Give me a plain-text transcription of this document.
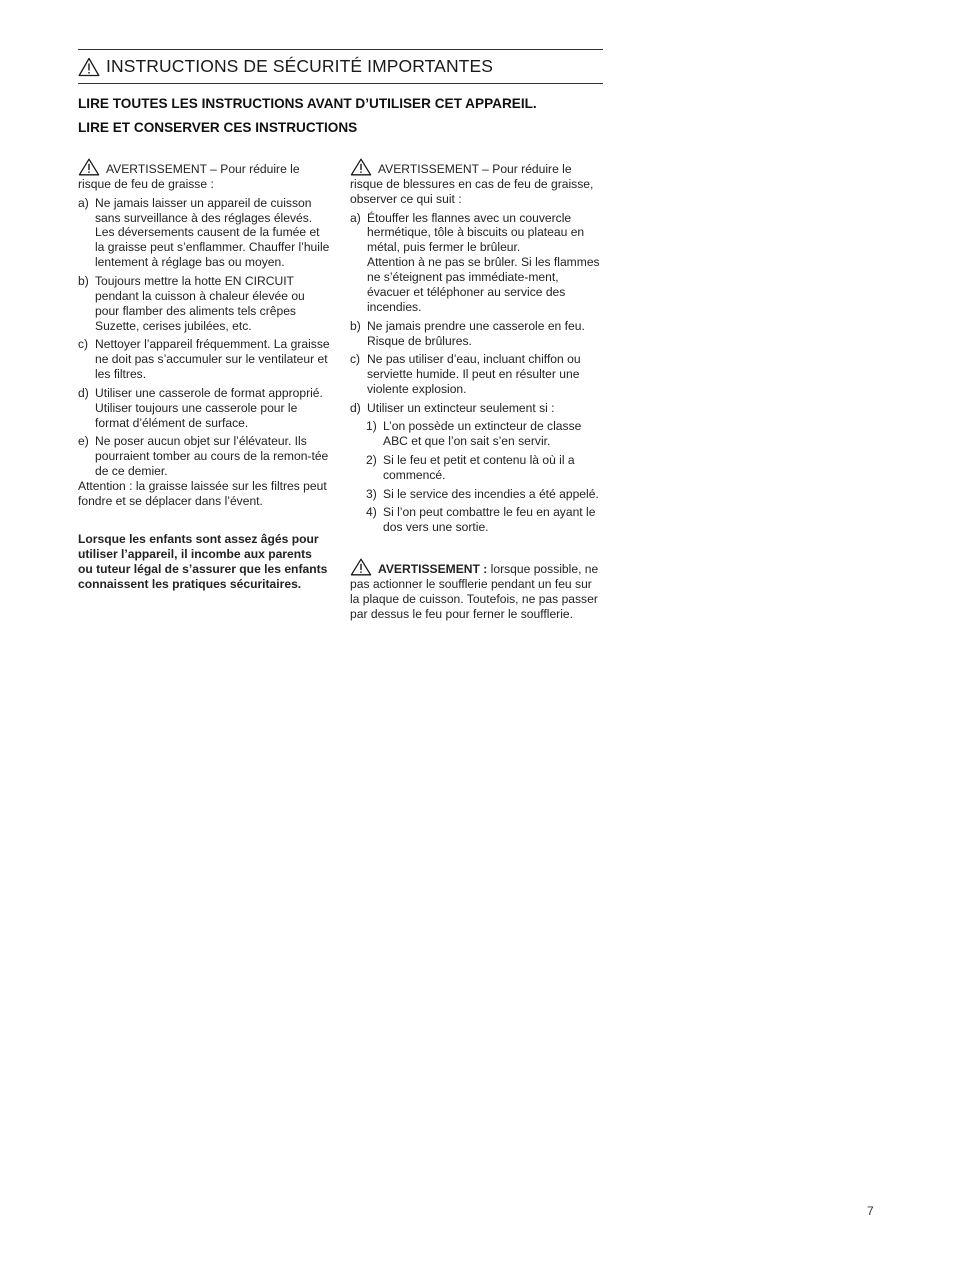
INSTRUCTIONS DE SÉCURITÉ IMPORTANTES
LIRE TOUTES LES INSTRUCTIONS AVANT D’UTILISER CET APPAREIL.
LIRE ET CONSERVER CES INSTRUCTIONS

AVERTISSEMENT – Pour réduire le risque de feu de graisse :

a) Ne jamais laisser un appareil de cuisson sans surveillance à des réglages élevés. Les déversements causent de la fumée et la graisse peut s’enflammer. Chauffer l’huile lentement à réglage bas ou moyen.
b) Toujours mettre la hotte EN CIRCUIT pendant la cuisson à chaleur élevée ou pour flamber des aliments tels crêpes Suzette, cerises jubilées, etc.
c) Nettoyer l’appareil fréquemment. La graisse ne doit pas s’accumuler sur le ventilateur et les filtres.
d) Utiliser une casserole de format approprié. Utiliser toujours une casserole pour le format d’élément de surface.
e) Ne poser aucun objet sur l’élévateur. Ils pourraient tomber au cours de la remon-tée de ce demier.

Attention : la graisse laissée sur les filtres peut fondre et se déplacer dans l’évent.

Lorsque les enfants sont assez âgés pour utiliser l’appareil, il incombe aux parents ou tuteur légal de s’assurer que les enfants connaissent les pratiques sécuritaires.

AVERTISSEMENT – Pour réduire le risque de blessures en cas de feu de graisse, observer ce qui suit :

a) Étouffer les flannes avec un couvercle hermétique, tôle à biscuits ou plateau en métal, puis fermer le brûleur.
Attention à ne pas se brûler. Si les flammes ne s’éteignent pas immédiate-ment, évacuer et téléphoner au service des incendies.
b) Ne jamais prendre une casserole en feu. Risque de brûlures.
c) Ne pas utiliser d’eau, incluant chiffon ou serviette humide. Il peut en résulter une violente explosion.
d) Utiliser un extincteur seulement si :
1) L’on possède un extincteur de classe ABC et que l’on sait s’en servir.
2) Si le feu et petit et contenu là où il a commencé.
3) Si le service des incendies a été appelé.
4) Si l’on peut combattre le feu en ayant le dos vers une sortie.

AVERTISSEMENT : lorsque possible, ne pas actionner le soufflerie pendant un feu sur la plaque de cuisson. Toutefois, ne pas passer par dessus le feu pour ferner le soufflerie.

7
